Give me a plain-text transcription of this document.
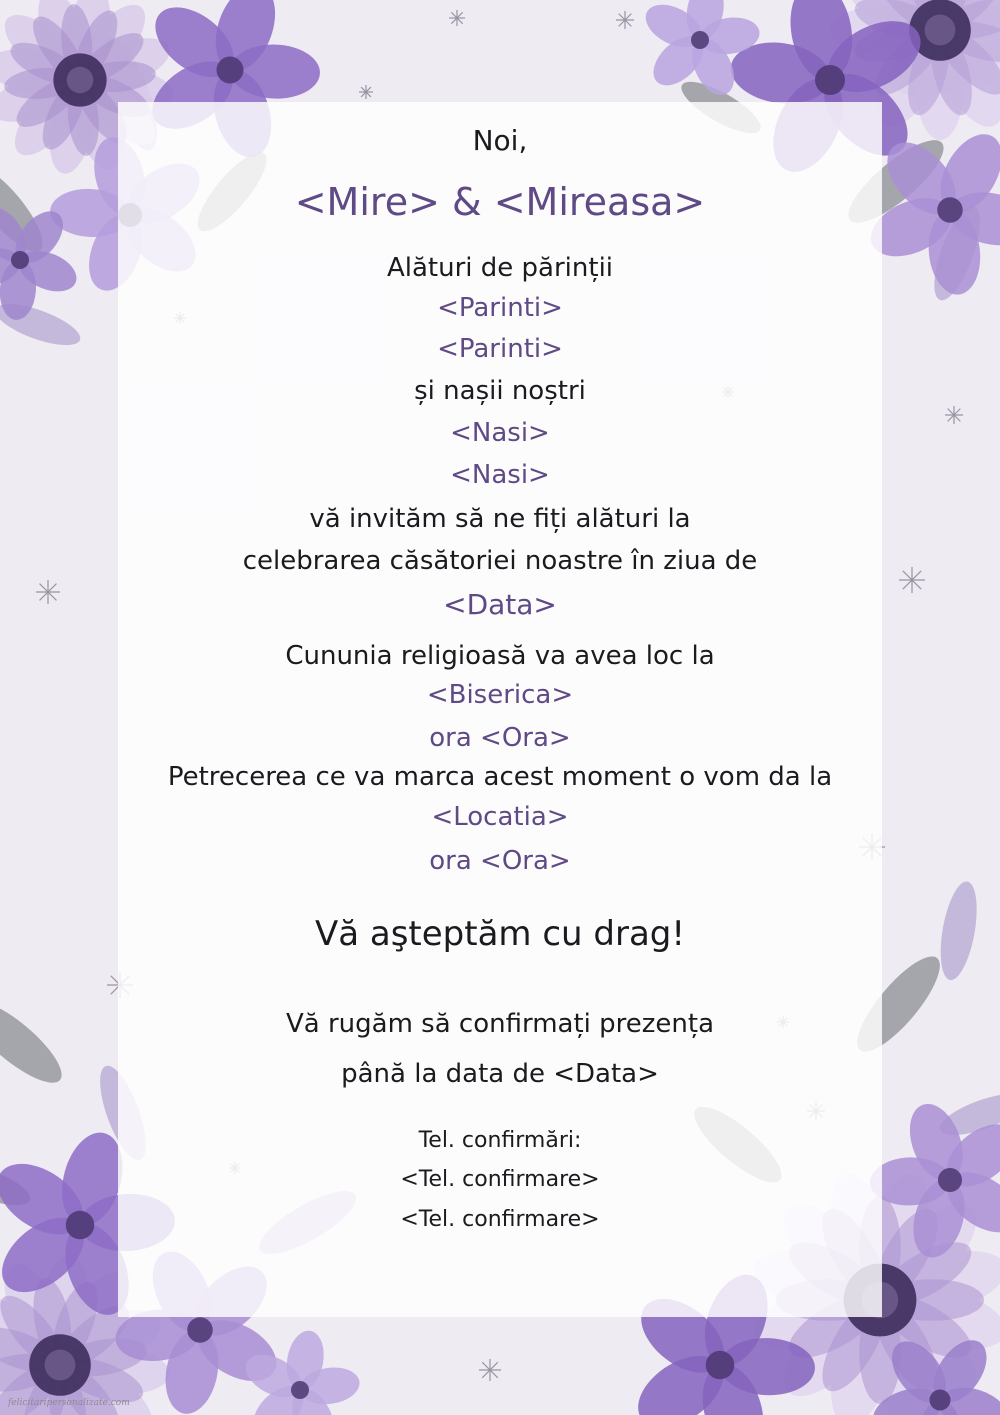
Noi,

<Mire> & <Mireasa>

Alături de părinții

<Parinti>

<Parinti>

și nașii noștri

<Nasi>

<Nasi>

vă invităm să ne fiți alături la

celebrarea căsătoriei noastre în ziua de

<Data>

Cununia religioasă va avea loc la

<Biserica>

ora <Ora>

Petrecerea ce va marca acest moment o vom da la

<Locatia>

ora <Ora>

Vă aşteptăm cu drag!

Vă rugăm să confirmați prezența

până la data de <Data>

Tel. confirmări:

<Tel. confirmare>

<Tel. confirmare>

felicitaripersonalizate.com
